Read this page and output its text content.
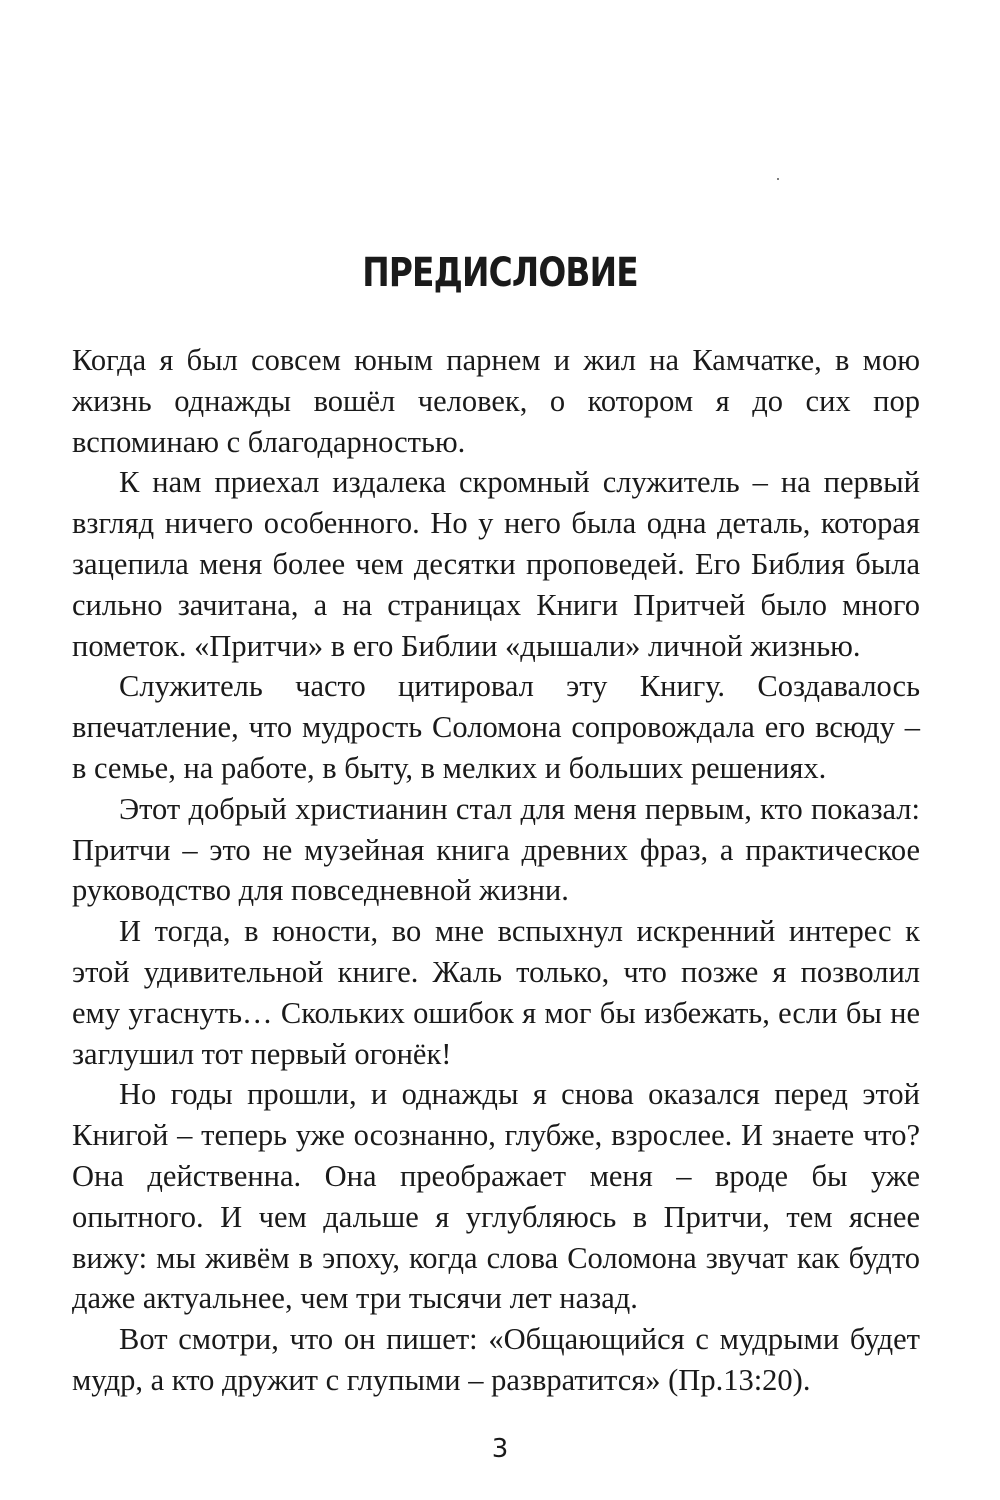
ПРЕДИСЛОВИЕ

Когда я был совсем юным парнем и жил на Камчатке, в мою жизнь однажды вошёл человек, о котором я до сих пор вспоминаю с благодарностью.

К нам приехал издалека скромный служитель – на первый взгляд ничего особенного. Но у него была одна деталь, которая зацепила меня более чем десятки проповедей. Его Библия была сильно зачитана, а на страницах Книги Притчей было много пометок. «Притчи» в его Библии «дышали» личной жизнью.

Служитель часто цитировал эту Книгу. Создавалось впечатление, что мудрость Соломона сопровождала его всюду – в семье, на работе, в быту, в мелких и больших решениях.

Этот добрый христианин стал для меня первым, кто показал: Притчи – это не музейная книга древних фраз, а практическое руководство для повседневной жизни.

И тогда, в юности, во мне вспыхнул искренний интерес к этой удивительной книге. Жаль только, что позже я позволил ему угаснуть… Скольких ошибок я мог бы избежать, если бы не заглушил тот первый огонёк!

Но годы прошли, и однажды я снова оказался перед этой Книгой – теперь уже осознанно, глубже, взрослее. И знаете что? Она действенна. Она преображает меня – вроде бы уже опытного. И чем дальше я углубляюсь в Притчи, тем яснее вижу: мы живём в эпоху, когда слова Соломона звучат как будто даже актуальнее, чем три тысячи лет назад.

Вот смотри, что он пишет: «Общающийся с мудрыми будет мудр, а кто дружит с глупыми – развратится» (Пр.13:20).

3
